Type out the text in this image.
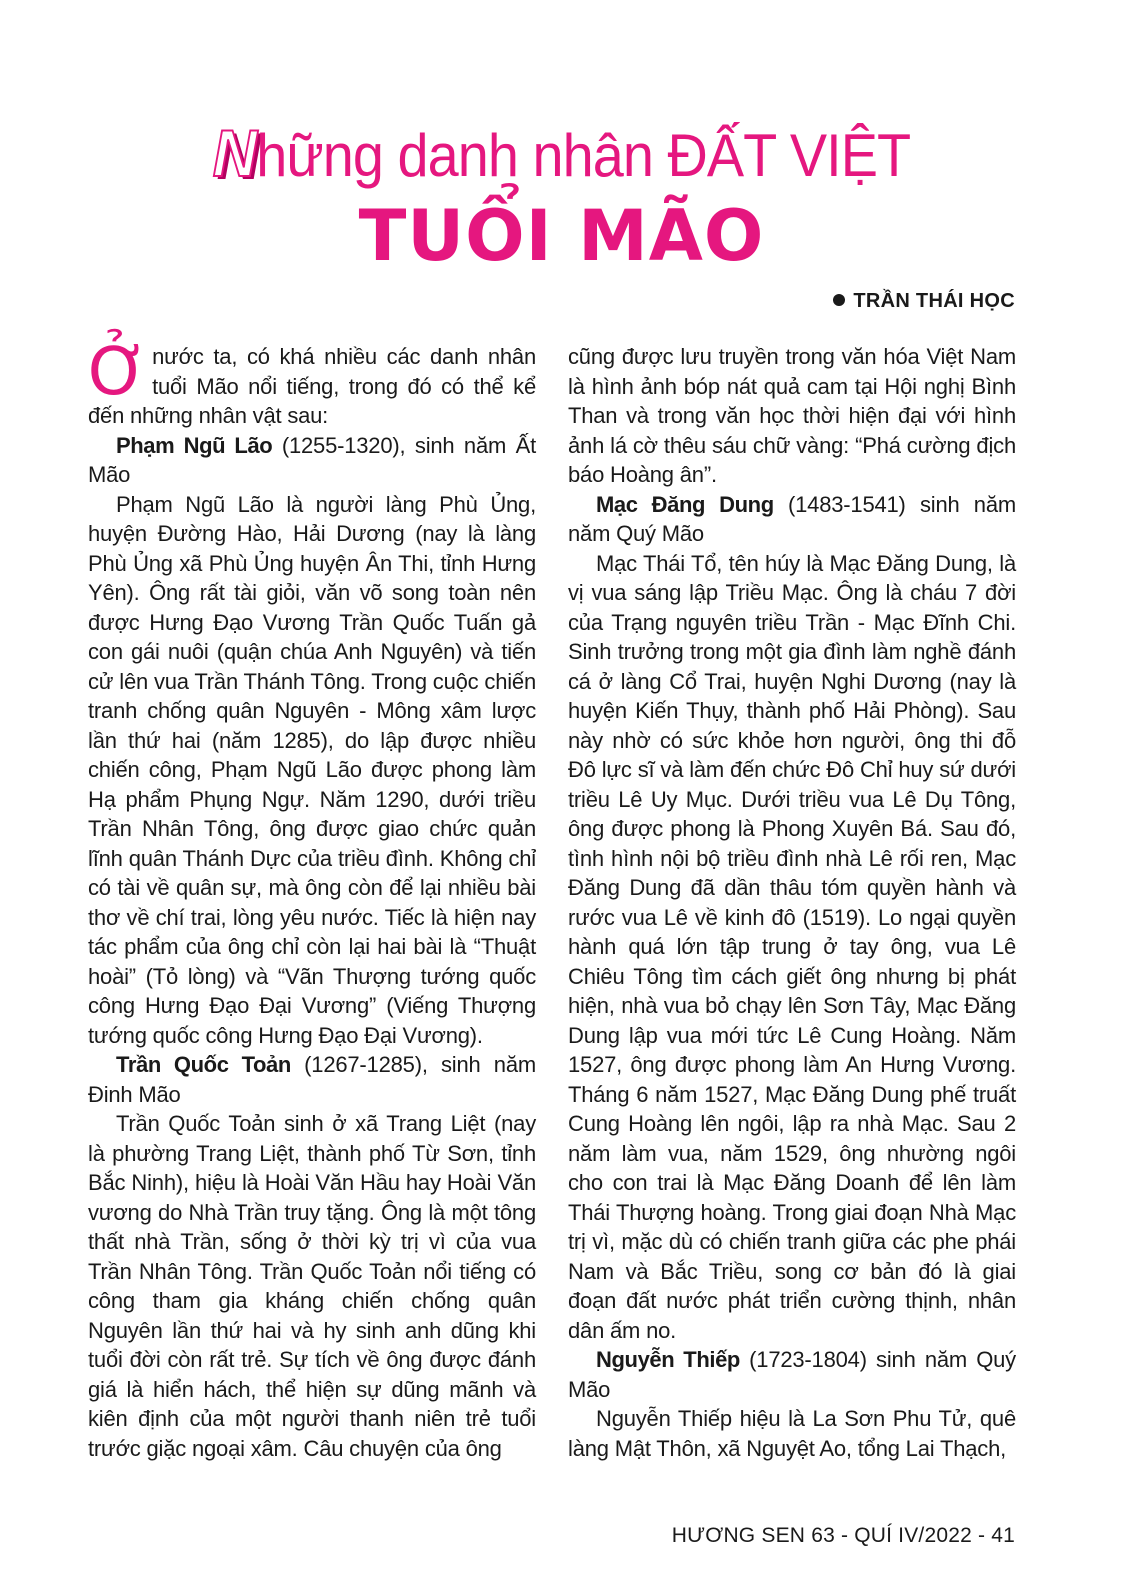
Những danh nhân ĐẤT VIỆT
TUỔI MÃO
TRẦN THÁI HỌC

Ở nước ta, có khá nhiều các danh nhân tuổi Mão nổi tiếng, trong đó có thể kể đến những nhân vật sau:

Phạm Ngũ Lão (1255-1320), sinh năm Ất Mão

Phạm Ngũ Lão là người làng Phù Ủng, huyện Đường Hào, Hải Dương (nay là làng Phù Ủng xã Phù Ủng huyện Ân Thi, tỉnh Hưng Yên). Ông rất tài giỏi, văn võ song toàn nên được Hưng Đạo Vương Trần Quốc Tuấn gả con gái nuôi (quận chúa Anh Nguyên) và tiến cử lên vua Trần Thánh Tông. Trong cuộc chiến tranh chống quân Nguyên - Mông xâm lược lần thứ hai (năm 1285), do lập được nhiều chiến công, Phạm Ngũ Lão được phong làm Hạ phẩm Phụng Ngự. Năm 1290, dưới triều Trần Nhân Tông, ông được giao chức quản lĩnh quân Thánh Dực của triều đình. Không chỉ có tài về quân sự, mà ông còn để lại nhiều bài thơ về chí trai, lòng yêu nước. Tiếc là hiện nay tác phẩm của ông chỉ còn lại hai bài là “Thuật hoài” (Tỏ lòng) và “Vãn Thượng tướng quốc công Hưng Đạo Đại Vương” (Viếng Thượng tướng quốc công Hưng Đạo Đại Vương).

Trần Quốc Toản (1267-1285), sinh năm Đinh Mão

Trần Quốc Toản sinh ở xã Trang Liệt (nay là phường Trang Liệt, thành phố Từ Sơn, tỉnh Bắc Ninh), hiệu là Hoài Văn Hầu hay Hoài Văn vương do Nhà Trần truy tặng. Ông là một tông thất nhà Trần, sống ở thời kỳ trị vì của vua Trần Nhân Tông. Trần Quốc Toản nổi tiếng có công tham gia kháng chiến chống quân Nguyên lần thứ hai và hy sinh anh dũng khi tuổi đời còn rất trẻ. Sự tích về ông được đánh giá là hiển hách, thể hiện sự dũng mãnh và kiên định của một người thanh niên trẻ tuổi trước giặc ngoại xâm. Câu chuyện của ông

cũng được lưu truyền trong văn hóa Việt Nam là hình ảnh bóp nát quả cam tại Hội nghị Bình Than và trong văn học thời hiện đại với hình ảnh lá cờ thêu sáu chữ vàng: “Phá cường địch báo Hoàng ân”.

Mạc Đăng Dung (1483-1541) sinh năm năm Quý Mão

Mạc Thái Tổ, tên húy là Mạc Đăng Dung, là vị vua sáng lập Triều Mạc. Ông là cháu 7 đời của Trạng nguyên triều Trần - Mạc Đĩnh Chi. Sinh trưởng trong một gia đình làm nghề đánh cá ở làng Cổ Trai, huyện Nghi Dương (nay là huyện Kiến Thụy, thành phố Hải Phòng). Sau này nhờ có sức khỏe hơn người, ông thi đỗ Đô lực sĩ và làm đến chức Đô Chỉ huy sứ dưới triều Lê Uy Mục. Dưới triều vua Lê Dụ Tông, ông được phong là Phong Xuyên Bá. Sau đó, tình hình nội bộ triều đình nhà Lê rối ren, Mạc Đăng Dung đã dần thâu tóm quyền hành và rước vua Lê về kinh đô (1519). Lo ngại quyền hành quá lớn tập trung ở tay ông, vua Lê Chiêu Tông tìm cách giết ông nhưng bị phát hiện, nhà vua bỏ chạy lên Sơn Tây, Mạc Đăng Dung lập vua mới tức Lê Cung Hoàng. Năm 1527, ông được phong làm An Hưng Vương. Tháng 6 năm 1527, Mạc Đăng Dung phế truất Cung Hoàng lên ngôi, lập ra nhà Mạc. Sau 2 năm làm vua, năm 1529, ông nhường ngôi cho con trai là Mạc Đăng Doanh để lên làm Thái Thượng hoàng. Trong giai đoạn Nhà Mạc trị vì, mặc dù có chiến tranh giữa các phe phái Nam và Bắc Triều, song cơ bản đó là giai đoạn đất nước phát triển cường thịnh, nhân dân ấm no.

Nguyễn Thiếp (1723-1804) sinh năm Quý Mão

Nguyễn Thiếp hiệu là La Sơn Phu Tử, quê làng Mật Thôn, xã Nguyệt Ao, tổng Lai Thạch,

HƯƠNG SEN 63 - QUÍ IV/2022 - 41
